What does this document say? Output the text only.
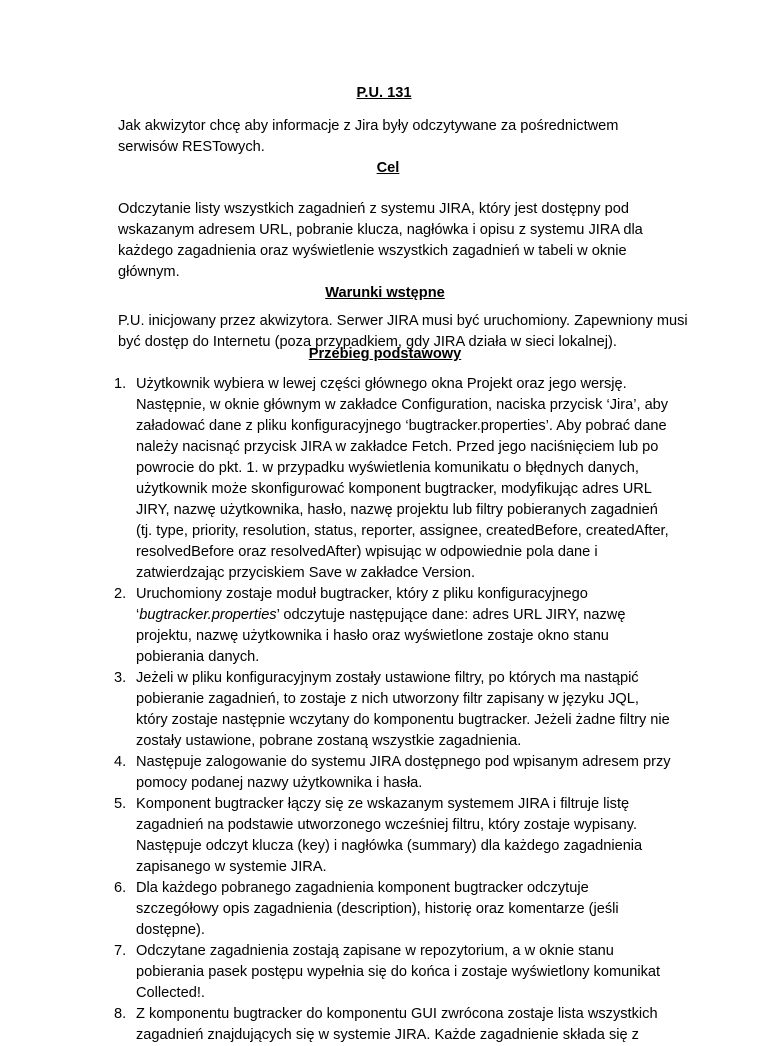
P.U. 131

Jak akwizytor chcę aby informacje z Jira były odczytywane za pośrednictwem serwisów RESTowych.

Cel

Odczytanie listy wszystkich zagadnień z systemu JIRA, który jest dostępny pod wskazanym adresem URL, pobranie klucza, nagłówka i opisu z systemu JIRA dla każdego zagadnienia oraz wyświetlenie wszystkich zagadnień w tabeli w oknie głównym.

Warunki wstępne

P.U. inicjowany przez akwizytora. Serwer JIRA musi być uruchomiony. Zapewniony musi być dostęp do Internetu (poza przypadkiem, gdy JIRA działa w sieci lokalnej).

Przebieg podstawowy
1. Użytkownik wybiera w lewej części głównego okna Projekt oraz jego wersję. Następnie, w oknie głównym w zakładce Configuration, naciska przycisk ‘Jira’, aby załadować dane z pliku konfiguracyjnego ‘bugtracker.properties’. Aby pobrać dane należy nacisnąć przycisk JIRA w zakładce Fetch. Przed jego naciśnięciem lub po powrocie do pkt. 1. w przypadku wyświetlenia komunikatu o błędnych danych, użytkownik może skonfigurować komponent bugtracker, modyfikując adres URL JIRY, nazwę użytkownika, hasło, nazwę projektu lub filtry pobieranych zagadnień (tj. type, priority, resolution, status, reporter, assignee, createdBefore, createdAfter, resolvedBefore oraz resolvedAfter) wpisując w odpowiednie pola dane i zatwierdzając przyciskiem Save w zakładce Version.
2. Uruchomiony zostaje moduł bugtracker, który z pliku konfiguracyjnego ‘bugtracker.properties’ odczytuje następujące dane: adres URL JIRY, nazwę projektu, nazwę użytkownika i hasło oraz wyświetlone zostaje okno stanu pobierania danych.
3. Jeżeli w pliku konfiguracyjnym zostały ustawione filtry, po których ma nastąpić pobieranie zagadnień, to zostaje z nich utworzony filtr zapisany w języku JQL, który zostaje następnie wczytany do komponentu bugtracker. Jeżeli żadne filtry nie zostały ustawione, pobrane zostaną wszystkie zagadnienia.
4. Następuje zalogowanie do systemu JIRA dostępnego pod wpisanym adresem przy pomocy podanej nazwy użytkownika i hasła.
5. Komponent bugtracker łączy się ze wskazanym systemem JIRA i filtruje listę zagadnień na podstawie utworzonego wcześniej filtru, który zostaje wypisany. Następuje odczyt klucza (key) i nagłówka (summary) dla każdego zagadnienia zapisanego w systemie JIRA.
6. Dla każdego pobranego zagadnienia komponent bugtracker odczytuje szczegółowy opis zagadnienia (description), historię oraz komentarze (jeśli dostępne).
7. Odczytane zagadnienia zostają zapisane w repozytorium, a w oknie stanu pobierania pasek postępu wypełnia się do końca i zostaje wyświetlony komunikat Collected!.
8. Z komponentu bugtracker do komponentu GUI zwrócona zostaje lista wszystkich zagadnień znajdujących się w systemie JIRA. Każde zagadnienie składa się z
